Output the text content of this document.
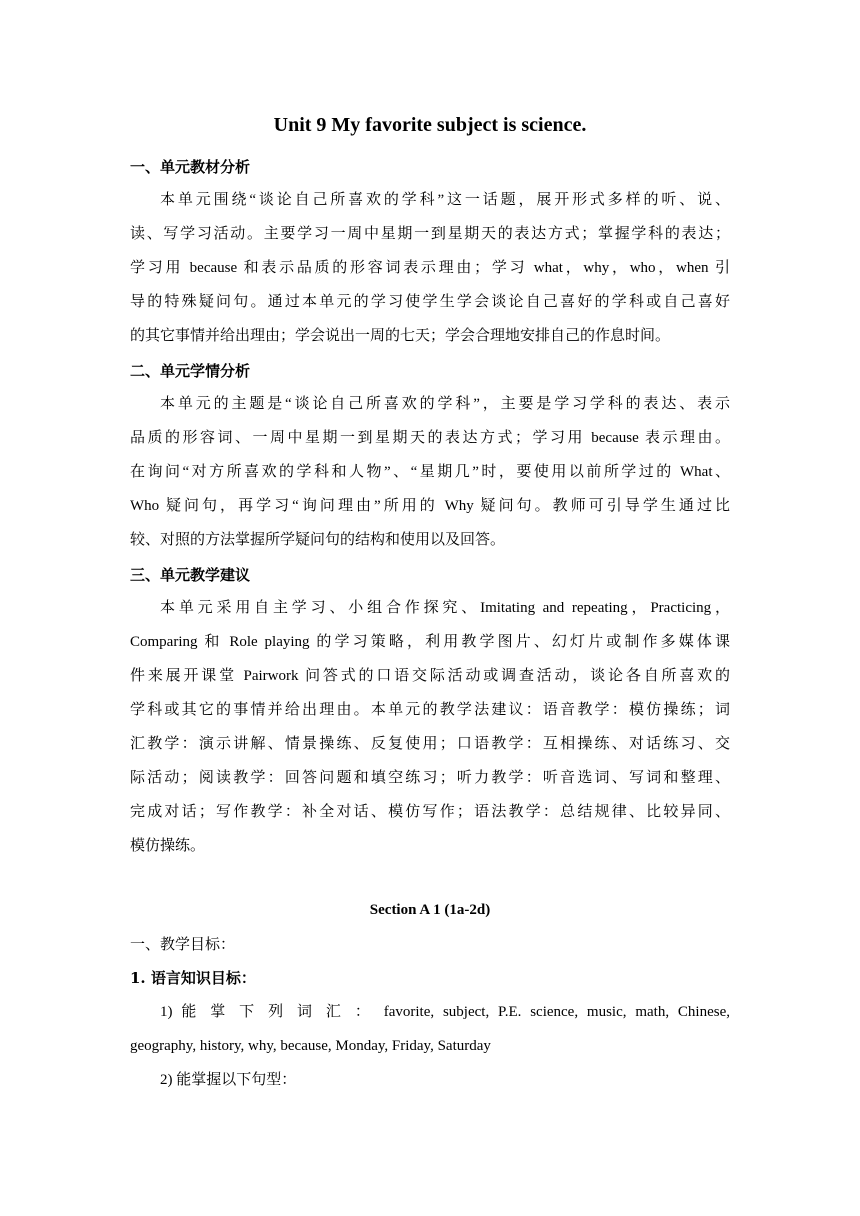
Unit 9 My favorite subject is science.
一、单元教材分析
本单元围绕“谈论自己所喜欢的学科”这一话题，展开形式多样的听、说、
读、写学习活动。主要学习一周中星期一到星期天的表达方式；掌握学科的表达；
学习用 because 和表示品质的形容词表示理由；学习 what，why，who，when 引
导的特殊疑问句。通过本单元的学习使学生学会谈论自己喜好的学科或自己喜好
的其它事情并给出理由；学会说出一周的七天；学会合理地安排自己的作息时间。
二、单元学情分析
本单元的主题是“谈论自己所喜欢的学科”，主要是学习学科的表达、表示
品质的形容词、一周中星期一到星期天的表达方式；学习用 because 表示理由。
在询问“对方所喜欢的学科和人物”、“星期几”时，要使用以前所学过的 What、
Who 疑问句，再学习“询问理由”所用的 Why 疑问句。教师可引导学生通过比
较、对照的方法掌握所学疑问句的结构和使用以及回答。
三、单元教学建议
本单元采用自主学习、小组合作探究、Imitating and repeating，Practicing，
Comparing 和 Role playing 的学习策略，利用教学图片、幻灯片或制作多媒体课
件来展开课堂 Pairwork 问答式的口语交际活动或调查活动，谈论各自所喜欢的
学科或其它的事情并给出理由。本单元的教学法建议：语音教学：模仿操练；词
汇教学：演示讲解、情景操练、反复使用；口语教学：互相操练、对话练习、交
际活动；阅读教学：回答问题和填空练习；听力教学：听音选词、写词和整理、
完成对话；写作教学：补全对话、模仿写作；语法教学：总结规律、比较异同、
模仿操练。
Section A 1 (1a-2d)
一、教学目标：
1. 语言知识目标：
1) 能 掌 下 列 词 汇 ： favorite, subject, P.E. science, music, math, Chinese,
geography, history, why, because, Monday, Friday, Saturday
2) 能掌握以下句型：
